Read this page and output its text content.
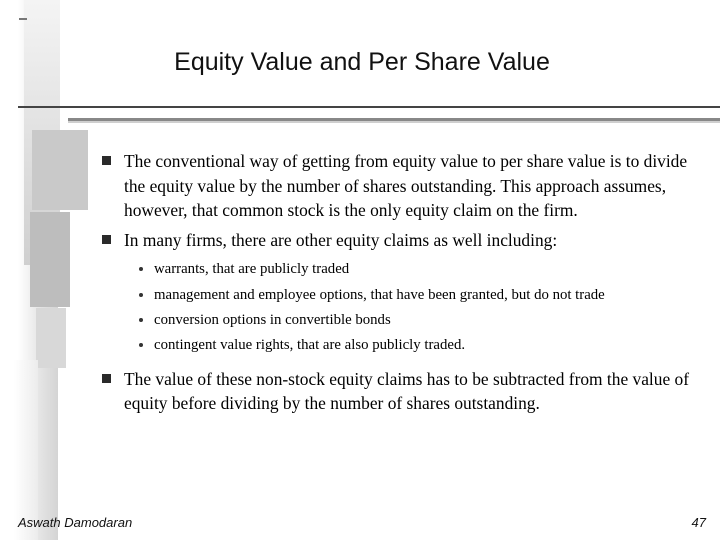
Equity Value and Per Share Value
The conventional way of getting from equity value to per share value is to divide the equity value by the number of shares outstanding. This approach assumes, however, that common stock is the only equity claim on the firm.
In many firms, there are other equity claims as well including:
warrants, that are publicly traded
management and employee options, that have been granted, but do not trade
conversion options in convertible bonds
contingent value rights, that are also publicly traded.
The value of these non-stock equity claims has to be subtracted from the value of equity before dividing by the number of shares outstanding.
Aswath Damodaran	47
